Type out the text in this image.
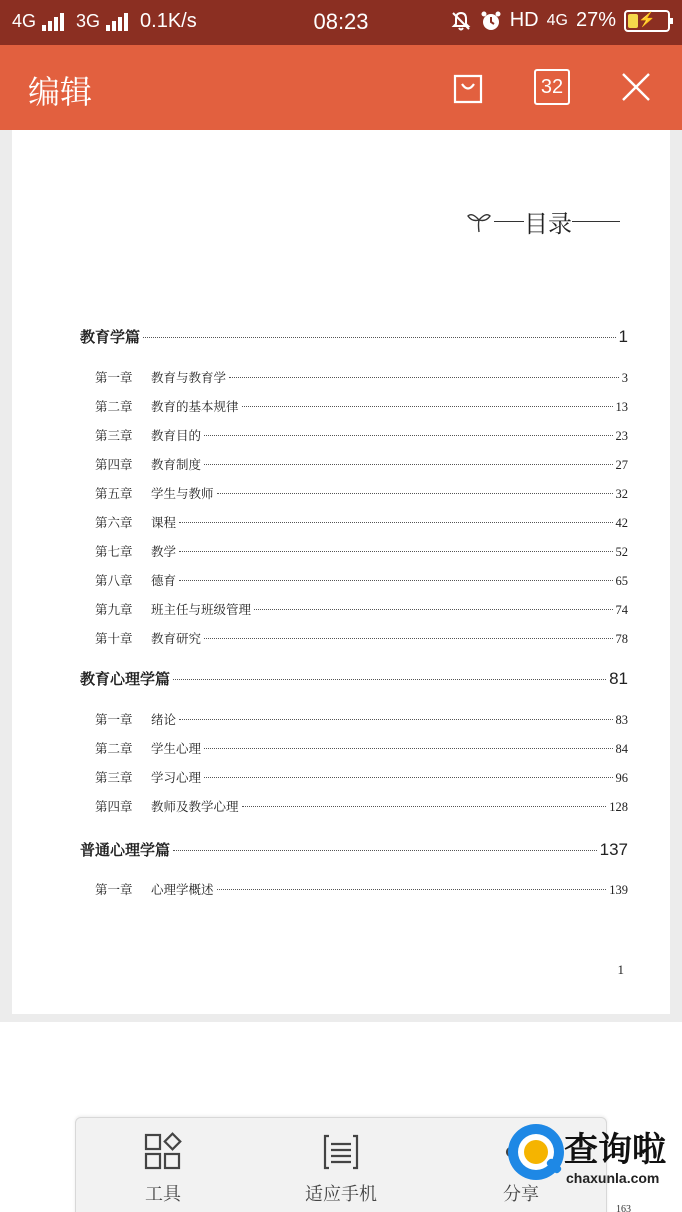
4G 3G 0.1K/s	08:23	HD 4G 27%	⚡
编辑	32
目录
教育学篇	1
第一章 教育与教育学	3
第二章 教育的基本规律	13
第三章 教育目的	23
第四章 教育制度	27
第五章 学生与教师	32
第六章 课程	42
第七章 教学	52
第八章 德育	65
第九章 班主任与班级管理	74
第十章 教育研究	78
教育心理学篇	81
第一章 绪论	83
第二章 学生心理	84
第三章 学习心理	96
第四章 教师及教学心理	128
普通心理学篇	137
第一章 心理学概述	139
1
工具	适应手机	分享
查询啦
chaxunla.com
163
